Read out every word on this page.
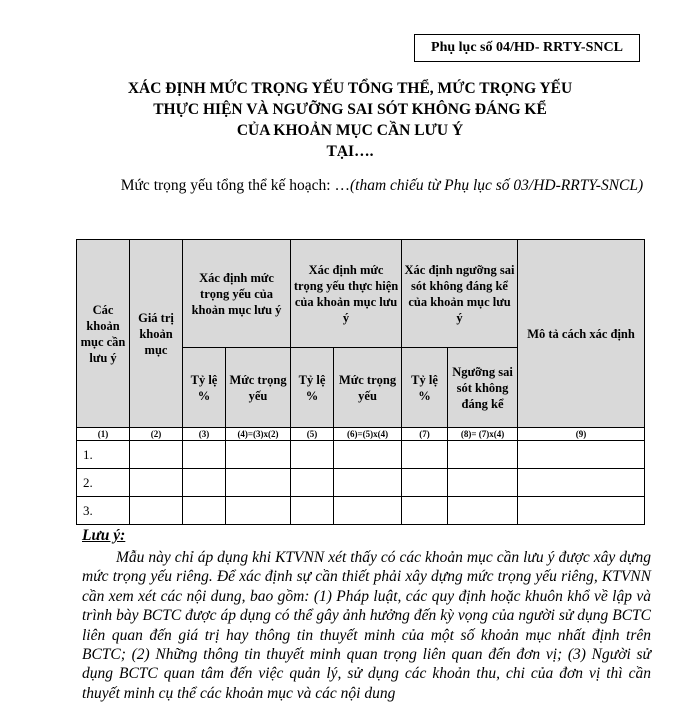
Phụ lục số 04/HD- RRTY-SNCL
XÁC ĐỊNH MỨC TRỌNG YẾU TỔNG THỂ, MỨC TRỌNG YẾU
THỰC HIỆN VÀ NGƯỠNG SAI SÓT KHÔNG ĐÁNG KỂ
CỦA KHOẢN MỤC CẦN LƯU Ý
TẠI….
Mức trọng yếu tổng thể kế hoạch: …(tham chiếu từ Phụ lục số 03/HD-RRTY-SNCL)
Các khoản mục cần lưu ý	Giá trị khoản mục	Xác định mức trọng yếu của khoản mục lưu ý		Xác định mức trọng yếu thực hiện của khoản mục lưu ý		Xác định ngưỡng sai sót không đáng kể của khoản mục lưu ý		Mô tả cách xác định
		Tỷ lệ %	Mức trọng yếu	Tỷ lệ %	Mức trọng yếu	Tỷ lệ %	Ngưỡng sai sót không đáng kể	
(1)	(2)	(3)	(4)=(3)x(2)	(5)	(6)=(5)x(4)	(7)	(8)= (7)x(4)	(9)
1.								
2.								
3.								
Lưu ý:
Mẫu này chỉ áp dụng khi KTVNN xét thấy có các khoản mục cần lưu ý được xây dựng mức trọng yếu riêng. Để xác định sự cần thiết phải xây dựng mức trọng yếu riêng, KTVNN cần xem xét các nội dung, bao gồm: (1) Pháp luật, các quy định hoặc khuôn khổ về lập và trình bày BCTC được áp dụng có thể gây ảnh hưởng đến kỳ vọng của người sử dụng BCTC liên quan đến giá trị hay thông tin thuyết minh của một số khoản mục nhất định trên BCTC; (2) Những thông tin thuyết minh quan trọng liên quan đến đơn vị; (3) Người sử dụng BCTC quan tâm đến việc quản lý, sử dụng các khoản thu, chi của đơn vị thì cần thuyết minh cụ thể các khoản mục và các nội dung
